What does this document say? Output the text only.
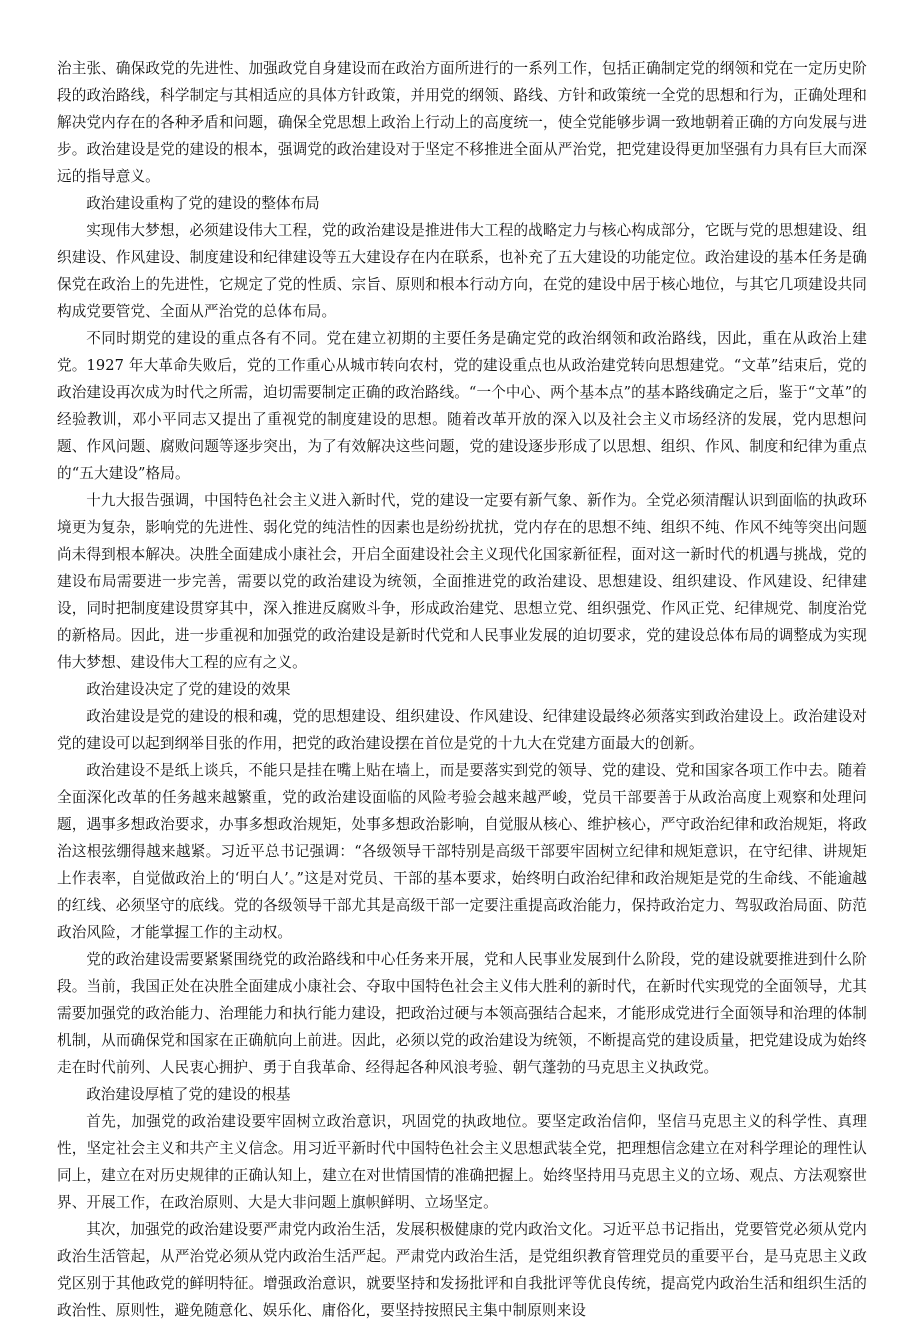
治主张、确保政党的先进性、加强政党自身建设而在政治方面所进行的一系列工作，包括正确制定党的纲领和党在一定历史阶段的政治路线，科学制定与其相适应的具体方针政策，并用党的纲领、路线、方针和政策统一全党的思想和行为，正确处理和解决党内存在的各种矛盾和问题，确保全党思想上政治上行动上的高度统一，使全党能够步调一致地朝着正确的方向发展与进步。政治建设是党的建设的根本，强调党的政治建设对于坚定不移推进全面从严治党，把党建设得更加坚强有力具有巨大而深远的指导意义。

政治建设重构了党的建设的整体布局

实现伟大梦想，必须建设伟大工程，党的政治建设是推进伟大工程的战略定力与核心构成部分，它既与党的思想建设、组织建设、作风建设、制度建设和纪律建设等五大建设存在内在联系，也补充了五大建设的功能定位。政治建设的基本任务是确保党在政治上的先进性，它规定了党的性质、宗旨、原则和根本行动方向，在党的建设中居于核心地位，与其它几项建设共同构成党要管党、全面从严治党的总体布局。

不同时期党的建设的重点各有不同。党在建立初期的主要任务是确定党的政治纲领和政治路线，因此，重在从政治上建党。1927 年大革命失败后，党的工作重心从城市转向农村，党的建设重点也从政治建党转向思想建党。“文革”结束后，党的政治建设再次成为时代之所需，迫切需要制定正确的政治路线。“一个中心、两个基本点”的基本路线确定之后，鉴于“文革”的经验教训，邓小平同志又提出了重视党的制度建设的思想。随着改革开放的深入以及社会主义市场经济的发展，党内思想问题、作风问题、腐败问题等逐步突出，为了有效解决这些问题，党的建设逐步形成了以思想、组织、作风、制度和纪律为重点的“五大建设”格局。

十九大报告强调，中国特色社会主义进入新时代，党的建设一定要有新气象、新作为。全党必须清醒认识到面临的执政环境更为复杂，影响党的先进性、弱化党的纯洁性的因素也是纷纷扰扰，党内存在的思想不纯、组织不纯、作风不纯等突出问题尚未得到根本解决。决胜全面建成小康社会，开启全面建设社会主义现代化国家新征程，面对这一新时代的机遇与挑战，党的建设布局需要进一步完善，需要以党的政治建设为统领，全面推进党的政治建设、思想建设、组织建设、作风建设、纪律建设，同时把制度建设贯穿其中，深入推进反腐败斗争，形成政治建党、思想立党、组织强党、作风正党、纪律规党、制度治党的新格局。因此，进一步重视和加强党的政治建设是新时代党和人民事业发展的迫切要求，党的建设总体布局的调整成为实现伟大梦想、建设伟大工程的应有之义。

政治建设决定了党的建设的效果

政治建设是党的建设的根和魂，党的思想建设、组织建设、作风建设、纪律建设最终必须落实到政治建设上。政治建设对党的建设可以起到纲举目张的作用，把党的政治建设摆在首位是党的十九大在党建方面最大的创新。

政治建设不是纸上谈兵，不能只是挂在嘴上贴在墙上，而是要落实到党的领导、党的建设、党和国家各项工作中去。随着全面深化改革的任务越来越繁重，党的政治建设面临的风险考验会越来越严峻，党员干部要善于从政治高度上观察和处理问题，遇事多想政治要求，办事多想政治规矩，处事多想政治影响，自觉服从核心、维护核心，严守政治纪律和政治规矩，将政治这根弦绷得越来越紧。习近平总书记强调：“各级领导干部特别是高级干部要牢固树立纪律和规矩意识，在守纪律、讲规矩上作表率，自觉做政治上的‘明白人’。”这是对党员、干部的基本要求，始终明白政治纪律和政治规矩是党的生命线、不能逾越的红线、必须坚守的底线。党的各级领导干部尤其是高级干部一定要注重提高政治能力，保持政治定力、驾驭政治局面、防范政治风险，才能掌握工作的主动权。

党的政治建设需要紧紧围绕党的政治路线和中心任务来开展，党和人民事业发展到什么阶段，党的建设就要推进到什么阶段。当前，我国正处在决胜全面建成小康社会、夺取中国特色社会主义伟大胜利的新时代，在新时代实现党的全面领导，尤其需要加强党的政治能力、治理能力和执行能力建设，把政治过硬与本领高强结合起来，才能形成党进行全面领导和治理的体制机制，从而确保党和国家在正确航向上前进。因此，必须以党的政治建设为统领，不断提高党的建设质量，把党建设成为始终走在时代前列、人民衷心拥护、勇于自我革命、经得起各种风浪考验、朝气蓬勃的马克思主义执政党。

政治建设厚植了党的建设的根基

首先，加强党的政治建设要牢固树立政治意识，巩固党的执政地位。要坚定政治信仰，坚信马克思主义的科学性、真理性，坚定社会主义和共产主义信念。用习近平新时代中国特色社会主义思想武装全党，把理想信念建立在对科学理论的理性认同上，建立在对历史规律的正确认知上，建立在对世情国情的准确把握上。始终坚持用马克思主义的立场、观点、方法观察世界、开展工作，在政治原则、大是大非问题上旗帜鲜明、立场坚定。

其次，加强党的政治建设要严肃党内政治生活，发展积极健康的党内政治文化。习近平总书记指出，党要管党必须从党内政治生活管起，从严治党必须从党内政治生活严起。严肃党内政治生活，是党组织教育管理党员的重要平台，是马克思主义政党区别于其他政党的鲜明特征。增强政治意识，就要坚持和发扬批评和自我批评等优良传统，提高党内政治生活和组织生活的政治性、原则性，避免随意化、娱乐化、庸俗化，要坚持按照民主集中制原则来设
